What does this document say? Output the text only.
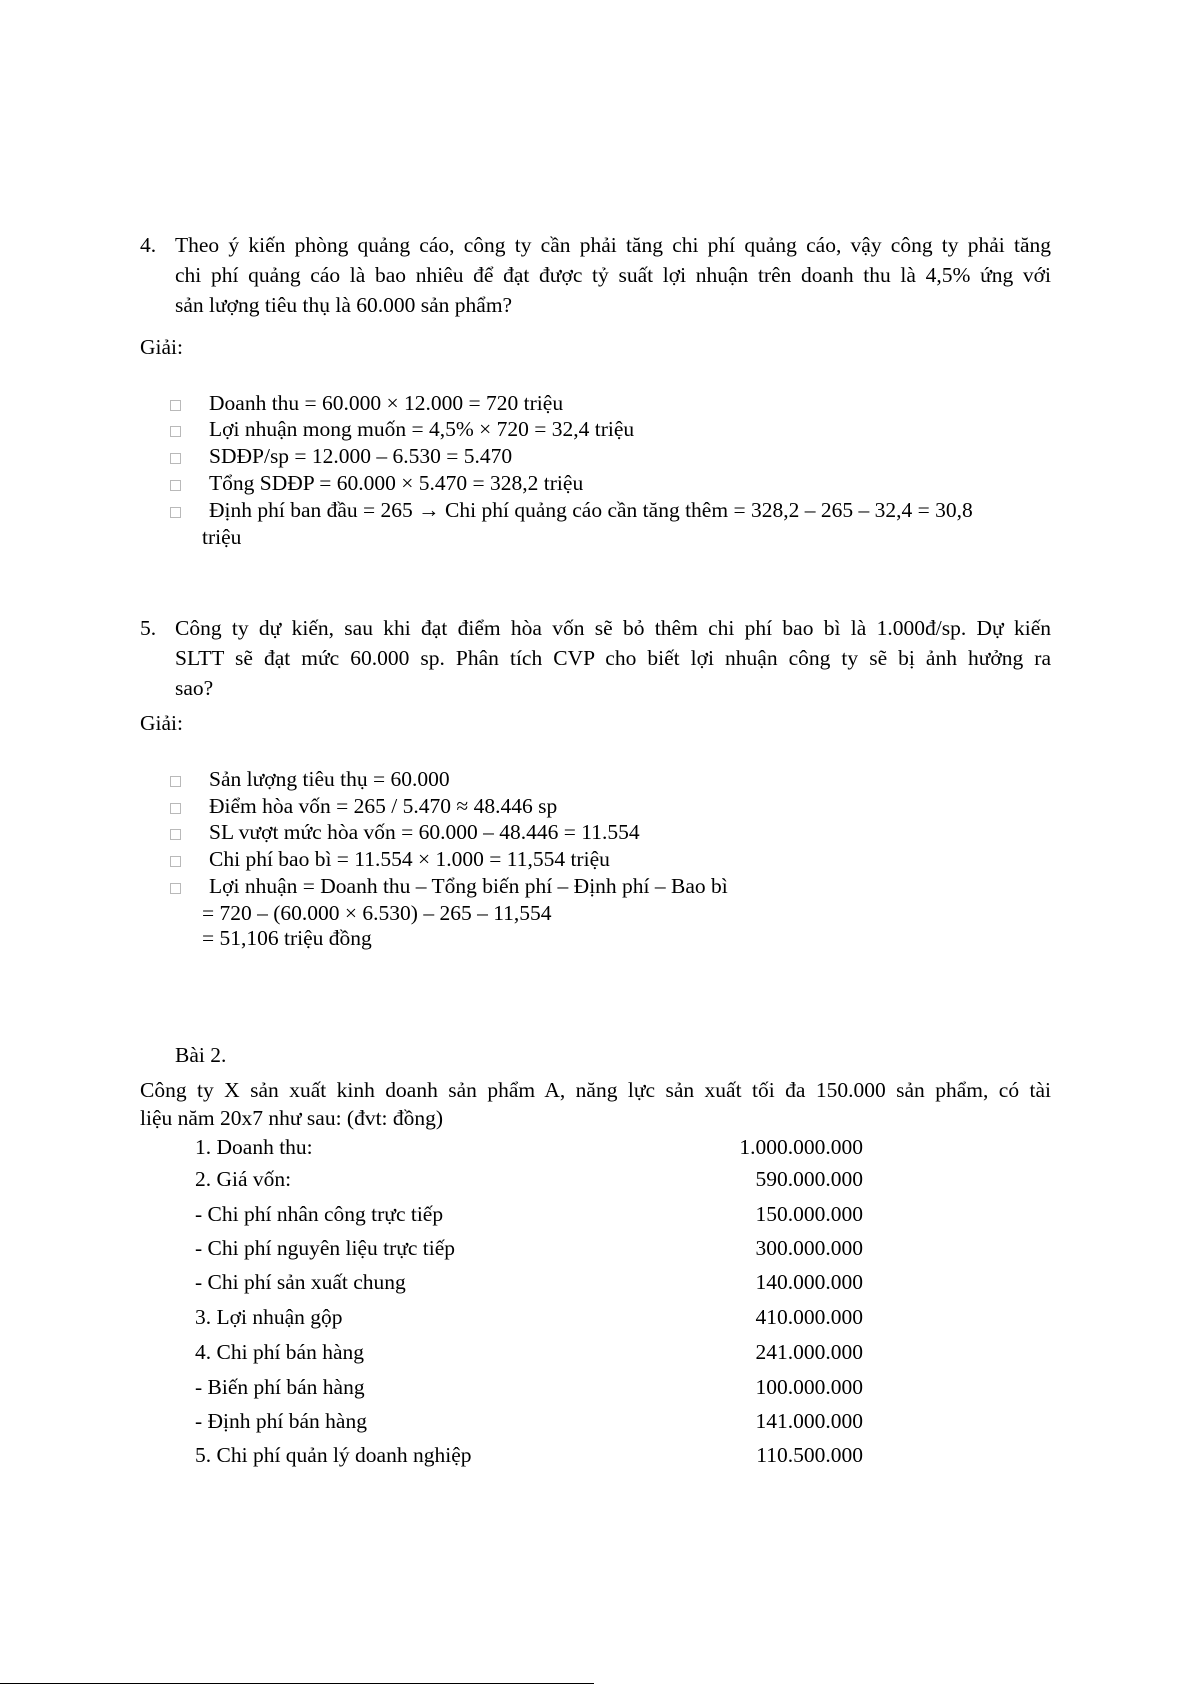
4. Theo ý kiến phòng quảng cáo, công ty cần phải tăng chi phí quảng cáo, vậy công ty phải tăng
chi phí quảng cáo là bao nhiêu để đạt được tỷ suất lợi nhuận trên doanh thu là 4,5% ứng với
sản lượng tiêu thụ là 60.000 sản phẩm?
Giải:
Doanh thu = 60.000 × 12.000 = 720 triệu
Lợi nhuận mong muốn = 4,5% × 720 = 32,4 triệu
SDĐP/sp = 12.000 – 6.530 = 5.470
Tổng SDĐP = 60.000 × 5.470 = 328,2 triệu
Định phí ban đầu = 265 → Chi phí quảng cáo cần tăng thêm = 328,2 – 265 – 32,4 = 30,8
triệu
5. Công ty dự kiến, sau khi đạt điểm hòa vốn sẽ bỏ thêm chi phí bao bì là 1.000đ/sp. Dự kiến
SLTT sẽ đạt mức 60.000 sp. Phân tích CVP cho biết lợi nhuận công ty sẽ bị ảnh hưởng ra
sao?
Giải:
Sản lượng tiêu thụ = 60.000
Điểm hòa vốn = 265 / 5.470 ≈ 48.446 sp
SL vượt mức hòa vốn = 60.000 – 48.446 = 11.554
Chi phí bao bì = 11.554 × 1.000 = 11,554 triệu
Lợi nhuận = Doanh thu – Tổng biến phí – Định phí – Bao bì
= 720 – (60.000 × 6.530) – 265 – 11,554
= 51,106 triệu đồng
Bài 2.
Công ty X sản xuất kinh doanh sản phẩm A, năng lực sản xuất tối đa 150.000 sản phẩm, có tài
liệu năm 20x7 như sau: (đvt: đồng)
1. Doanh thu:	1.000.000.000
2. Giá vốn:	590.000.000
- Chi phí nhân công trực tiếp	150.000.000
- Chi phí nguyên liệu trực tiếp	300.000.000
- Chi phí sản xuất chung	140.000.000
3. Lợi nhuận gộp	410.000.000
4. Chi phí bán hàng	241.000.000
- Biến phí bán hàng	100.000.000
- Định phí bán hàng	141.000.000
5. Chi phí quản lý doanh nghiệp	110.500.000
